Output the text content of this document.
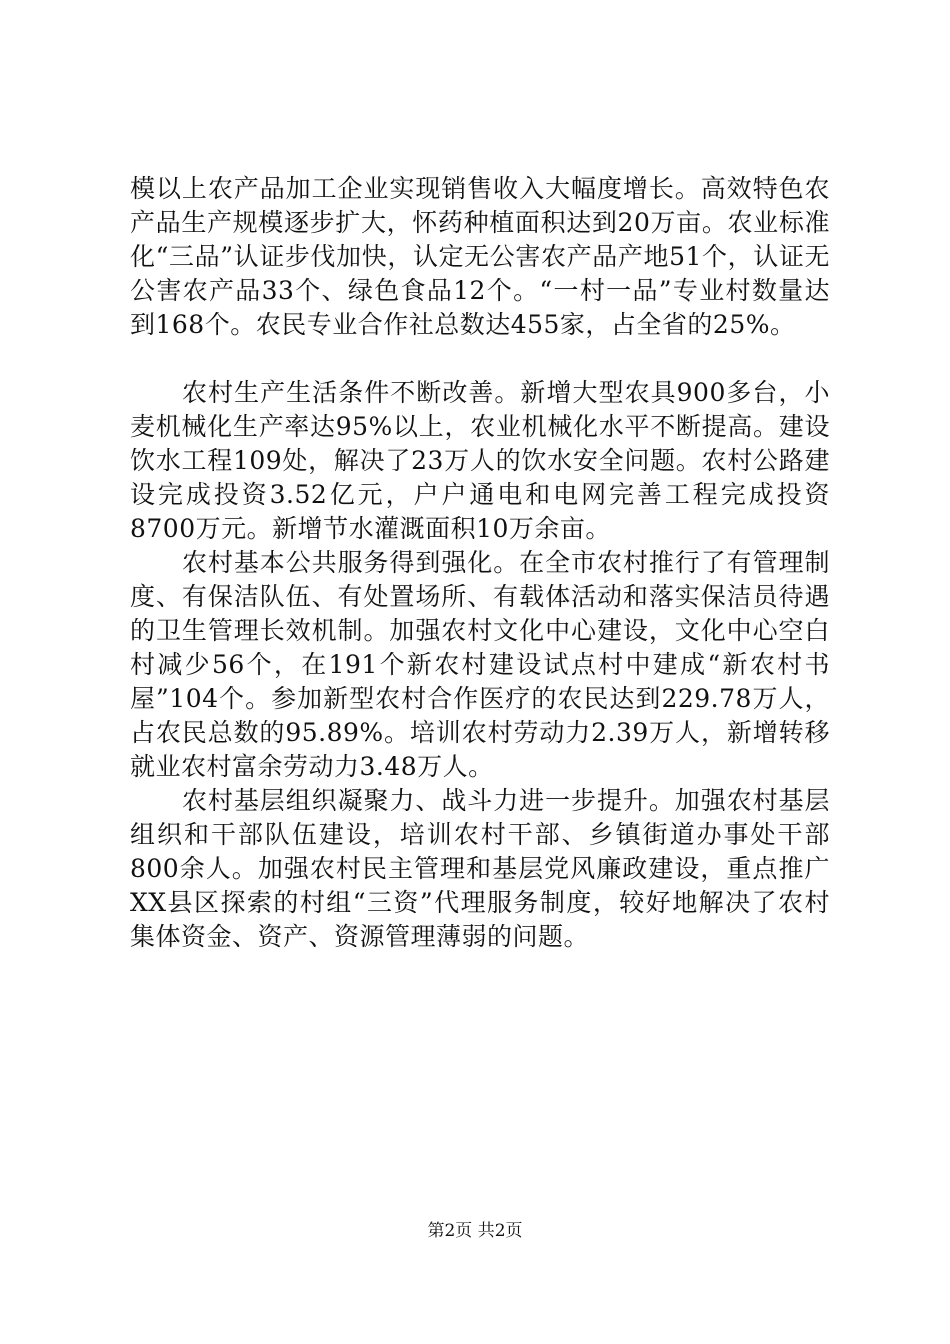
模以上农产品加工企业实现销售收入大幅度增长。高效特色农产品生产规模逐步扩大，怀药种植面积达到20万亩。农业标准化“三品”认证步伐加快，认定无公害农产品产地51个，认证无公害农产品33个、绿色食品12个。“一村一品”专业村数量达到168个。农民专业合作社总数达455家，占全省的25%。

农村生产生活条件不断改善。新增大型农具900多台，小麦机械化生产率达95%以上，农业机械化水平不断提高。建设饮水工程109处，解决了23万人的饮水安全问题。农村公路建设完成投资3.52亿元，户户通电和电网完善工程完成投资8700万元。新增节水灌溉面积10万余亩。

农村基本公共服务得到强化。在全市农村推行了有管理制度、有保洁队伍、有处置场所、有载体活动和落实保洁员待遇的卫生管理长效机制。加强农村文化中心建设，文化中心空白村减少56个，在191个新农村建设试点村中建成“新农村书屋”104个。参加新型农村合作医疗的农民达到229.78万人，占农民总数的95.89%。培训农村劳动力2.39万人，新增转移就业农村富余劳动力3.48万人。

农村基层组织凝聚力、战斗力进一步提升。加强农村基层组织和干部队伍建设，培训农村干部、乡镇街道办事处干部800余人。加强农村民主管理和基层党风廉政建设，重点推广XX县区探索的村组“三资”代理服务制度，较好地解决了农村集体资金、资产、资源管理薄弱的问题。

第2页 共2页
